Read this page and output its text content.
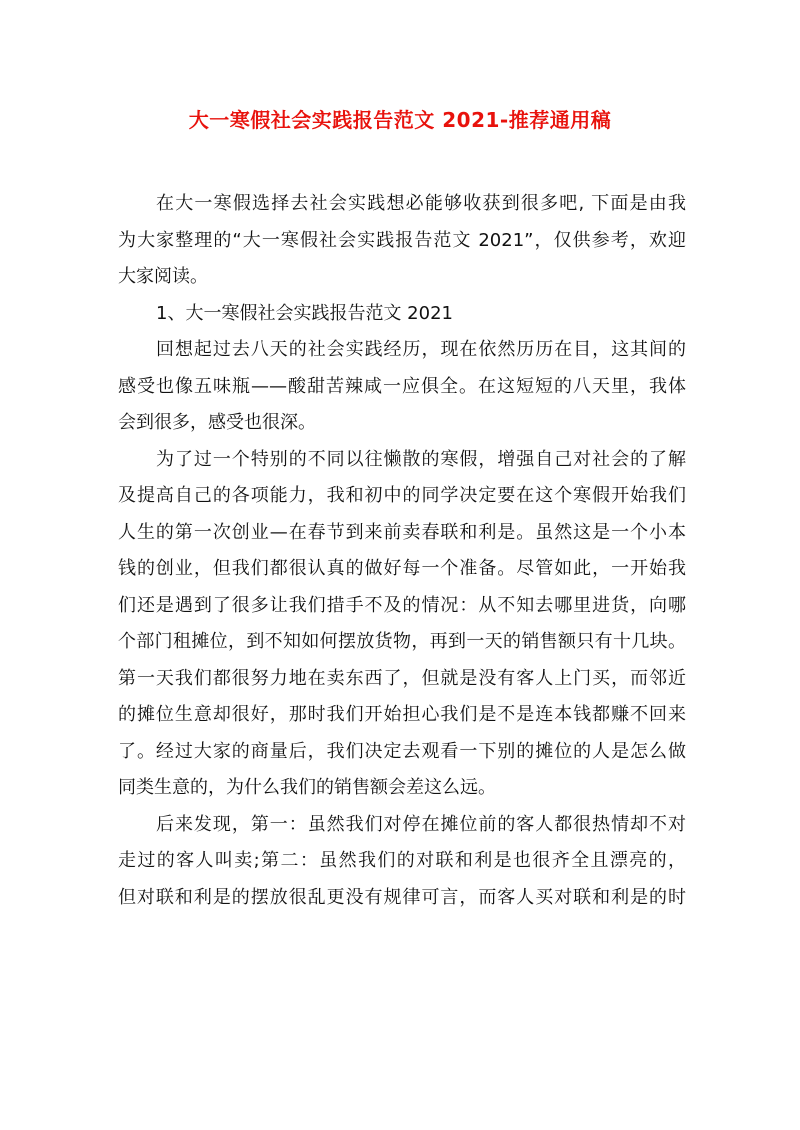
大一寒假社会实践报告范文 2021-推荐通用稿
在大一寒假选择去社会实践想必能够收获到很多吧, 下面是由我
为大家整理的“大一寒假社会实践报告范文 2021”，仅供参考，欢迎
大家阅读。
1、大一寒假社会实践报告范文 2021
回想起过去八天的社会实践经历，现在依然历历在目，这其间的
感受也像五味瓶——酸甜苦辣咸一应俱全。在这短短的八天里，我体
会到很多，感受也很深。
为了过一个特别的不同以往懒散的寒假，增强自己对社会的了解
及提高自己的各项能力，我和初中的同学决定要在这个寒假开始我们
人生的第一次创业—在春节到来前卖春联和利是。虽然这是一个小本
钱的创业，但我们都很认真的做好每一个准备。尽管如此，一开始我
们还是遇到了很多让我们措手不及的情况：从不知去哪里进货，向哪
个部门租摊位，到不知如何摆放货物，再到一天的销售额只有十几块。
第一天我们都很努力地在卖东西了，但就是没有客人上门买，而邻近
的摊位生意却很好，那时我们开始担心我们是不是连本钱都赚不回来
了。经过大家的商量后，我们决定去观看一下别的摊位的人是怎么做
同类生意的，为什么我们的销售额会差这么远。
后来发现，第一：虽然我们对停在摊位前的客人都很热情却不对
走过的客人叫卖;第二：虽然我们的对联和利是也很齐全且漂亮的，
但对联和利是的摆放很乱更没有规律可言，而客人买对联和利是的时
